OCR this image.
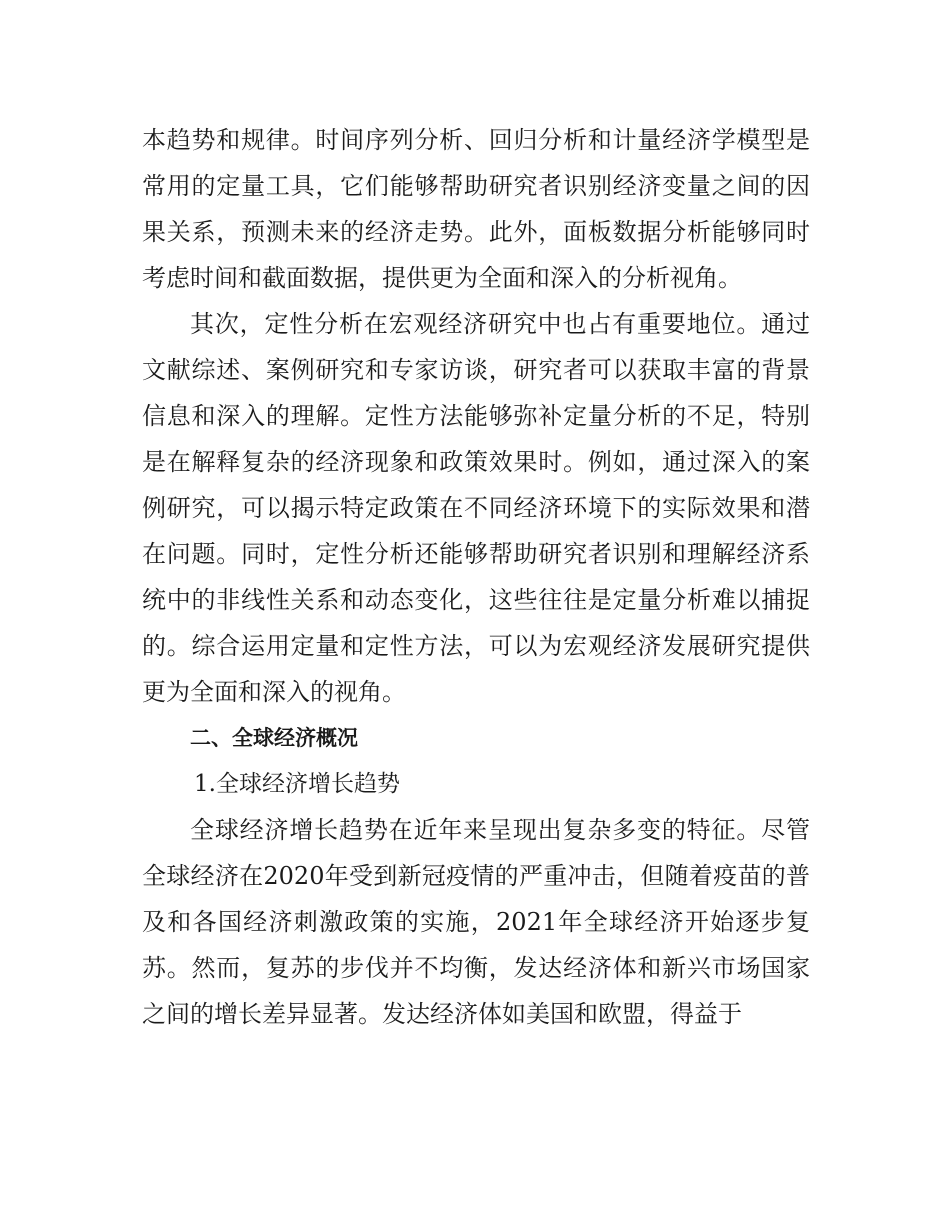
本趋势和规律。时间序列分析、回归分析和计量经济学模型是常用的定量工具，它们能够帮助研究者识别经济变量之间的因果关系，预测未来的经济走势。此外，面板数据分析能够同时考虑时间和截面数据，提供更为全面和深入的分析视角。

其次，定性分析在宏观经济研究中也占有重要地位。通过文献综述、案例研究和专家访谈，研究者可以获取丰富的背景信息和深入的理解。定性方法能够弥补定量分析的不足，特别是在解释复杂的经济现象和政策效果时。例如，通过深入的案例研究，可以揭示特定政策在不同经济环境下的实际效果和潜在问题。同时，定性分析还能够帮助研究者识别和理解经济系统中的非线性关系和动态变化，这些往往是定量分析难以捕捉的。综合运用定量和定性方法，可以为宏观经济发展研究提供更为全面和深入的视角。

二、全球经济概况

1.全球经济增长趋势

全球经济增长趋势在近年来呈现出复杂多变的特征。尽管全球经济在2020年受到新冠疫情的严重冲击，但随着疫苗的普及和各国经济刺激政策的实施，2021年全球经济开始逐步复苏。然而，复苏的步伐并不均衡，发达经济体和新兴市场国家之间的增长差异显著。发达经济体如美国和欧盟，得益于
